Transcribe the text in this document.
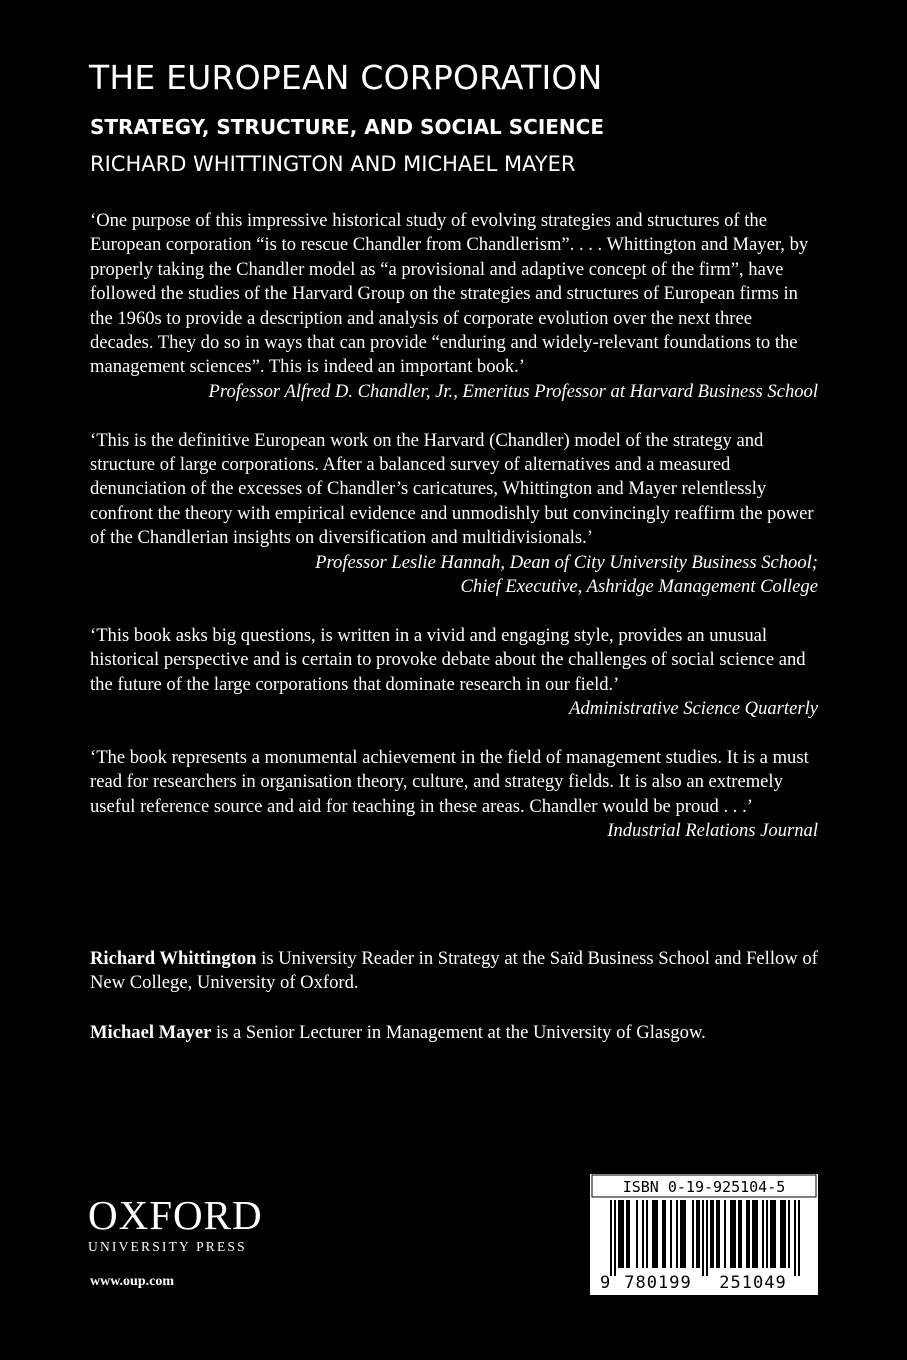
THE EUROPEAN CORPORATION
STRATEGY, STRUCTURE, AND SOCIAL SCIENCE
RICHARD WHITTINGTON AND MICHAEL MAYER

‘One purpose of this impressive historical study of evolving strategies and structures of the European corporation “is to rescue Chandler from Chandlerism”. . . . Whittington and Mayer, by properly taking the Chandler model as “a provisional and adaptive concept of the firm”, have followed the studies of the Harvard Group on the strategies and structures of European firms in the 1960s to provide a description and analysis of corporate evolution over the next three decades. They do so in ways that can provide “enduring and widely-relevant foundations to the management sciences”. This is indeed an important book.’

Professor Alfred D. Chandler, Jr., Emeritus Professor at Harvard Business School

‘This is the definitive European work on the Harvard (Chandler) model of the strategy and structure of large corporations. After a balanced survey of alternatives and a measured denunciation of the excesses of Chandler’s caricatures, Whittington and Mayer relentlessly confront the theory with empirical evidence and unmodishly but convincingly reaffirm the power of the Chandlerian insights on diversification and multidivisionals.’

Professor Leslie Hannah, Dean of City University Business School;
Chief Executive, Ashridge Management College
‘This book asks big questions, is written in a vivid and engaging style, provides an unusual historical perspective and is certain to provoke debate about the challenges of social science and the future of the large corporations that dominate research in our field.’
Administrative Science Quarterly
‘The book represents a monumental achievement in the field of management studies. It is a must read for researchers in organisation theory, culture, and strategy fields. It is also an extremely useful reference source and aid for teaching in these areas. Chandler would be proud . . .’
Industrial Relations Journal

Richard Whittington is University Reader in Strategy at the Saïd Business School and Fellow of New College, University of Oxford.

Michael Mayer is a Senior Lecturer in Management at the University of Glasgow.

OXFORD
UNIVERSITY PRESS
www.oup.com
ISBN 0-19-925104-5
9 780199 251049
